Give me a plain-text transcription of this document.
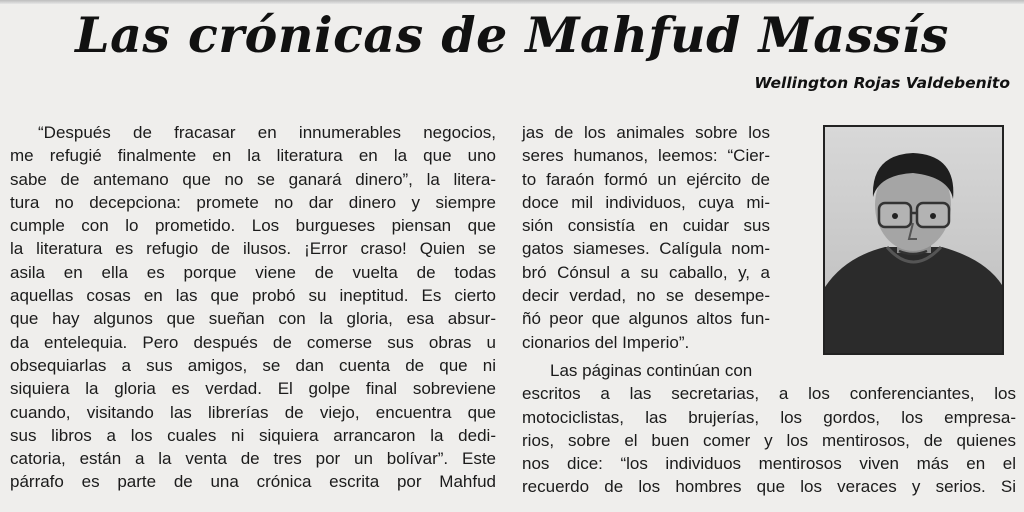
Las crónicas de Mahfud Massís
Wellington Rojas Valdebenito
“Después de fracasar en innumerables negocios,
me refugié finalmente en la literatura en la que uno
sabe de antemano que no se ganará dinero”, la litera-
tura no decepciona: promete no dar dinero y siempre
cumple con lo prometido. Los burgueses piensan que
la literatura es refugio de ilusos. ¡Error craso! Quien se
asila en ella es porque viene de vuelta de todas
aquellas cosas en las que probó su ineptitud. Es cierto
que hay algunos que sueñan con la gloria, esa absur-
da entelequia. Pero después de comerse sus obras u
obsequiarlas a sus amigos, se dan cuenta de que ni
siquiera la gloria es verdad. El golpe final sobreviene
cuando, visitando las librerías de viejo, encuentra que
sus libros a los cuales ni siquiera arrancaron la dedi-
catoria, están a la venta de tres por un bolívar”. Este
párrafo es parte de una crónica escrita por Mahfud
jas de los animales sobre los
seres humanos, leemos: “Cier-
to faraón formó un ejército de
doce mil individuos, cuya mi-
sión consistía en cuidar sus
gatos siameses. Calígula nom-
bró Cónsul a su caballo, y, a
decir verdad, no se desempe-
ñó peor que algunos altos fun-
cionarios del Imperio”.
Las páginas continúan con
escritos a las secretarias, a los conferenciantes, los
motociclistas, las brujerías, los gordos, los empresa-
rios, sobre el buen comer y los mentirosos, de quienes
nos dice: “los individuos mentirosos viven más en el
recuerdo de los hombres que los veraces y serios. Si
